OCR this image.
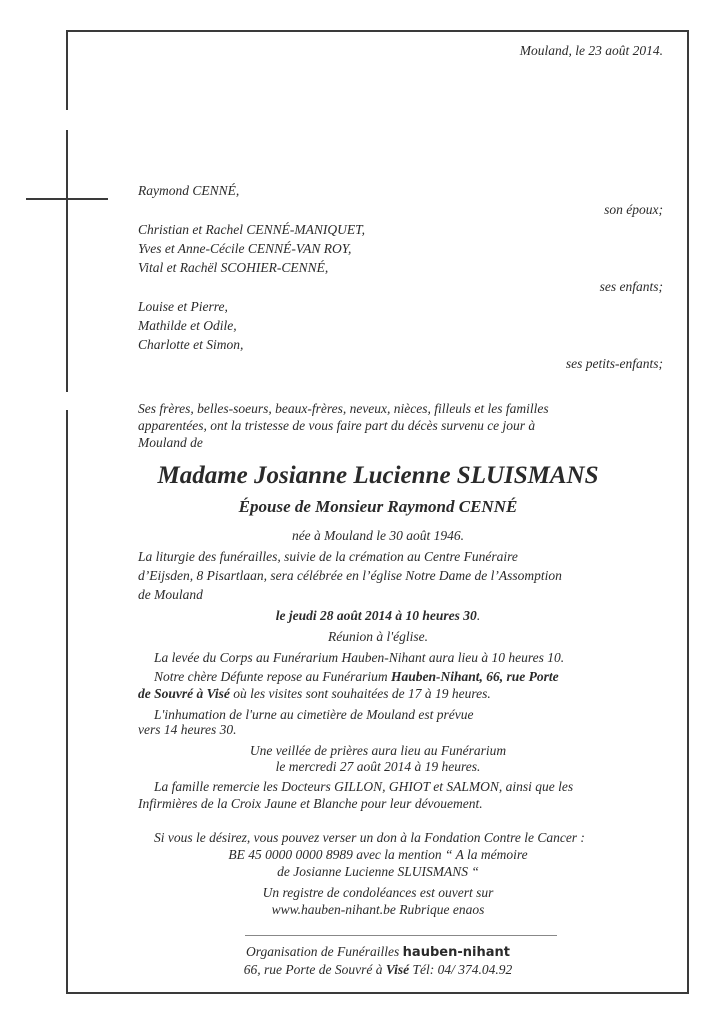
Mouland, le 23 août 2014.
Raymond CENNÉ,
son époux;
Christian et Rachel CENNÉ-MANIQUET,
Yves et Anne-Cécile CENNÉ-VAN ROY,
Vital et Rachël SCOHIER-CENNÉ,
ses enfants;
Louise et Pierre,
Mathilde et Odile,
Charlotte et Simon,
ses petits-enfants;
Ses frères, belles-soeurs, beaux-frères, neveux, nièces, filleuls et les familles
apparentées, ont la tristesse de vous faire part du décès survenu ce jour à
Mouland de
Madame Josianne Lucienne SLUISMANS
Épouse de Monsieur Raymond CENNÉ
née à Mouland le 30 août 1946.
La liturgie des funérailles, suivie de la crémation au Centre Funéraire
d’Eijsden, 8 Pisartlaan, sera célébrée en l’église Notre Dame de l’Assomption
de Mouland
le jeudi 28 août 2014 à 10 heures 30.
Réunion à l'église.
La levée du Corps au Funérarium Hauben-Nihant aura lieu à 10 heures 10.
Notre chère Défunte repose au Funérarium Hauben-Nihant, 66, rue Porte
de Souvré à Visé où les visites sont souhaitées de 17 à 19 heures.
L'inhumation de l'urne au cimetière de Mouland est prévue
vers 14 heures 30.
Une veillée de prières aura lieu au Funérarium
le mercredi 27 août 2014 à 19 heures.
La famille remercie les Docteurs GILLON, GHIOT et SALMON, ainsi que les
Infirmières de la Croix Jaune et Blanche pour leur dévouement.
Si vous le désirez, vous pouvez verser un don à la Fondation Contre le Cancer :
BE 45 0000 0000 8989 avec la mention “ A la mémoire
de Josianne Lucienne SLUISMANS “
Un registre de condoléances est ouvert sur
www.hauben-nihant.be Rubrique enaos
Organisation de Funérailles hauben-nihant
66, rue Porte de Souvré à Visé Tél: 04/ 374.04.92
